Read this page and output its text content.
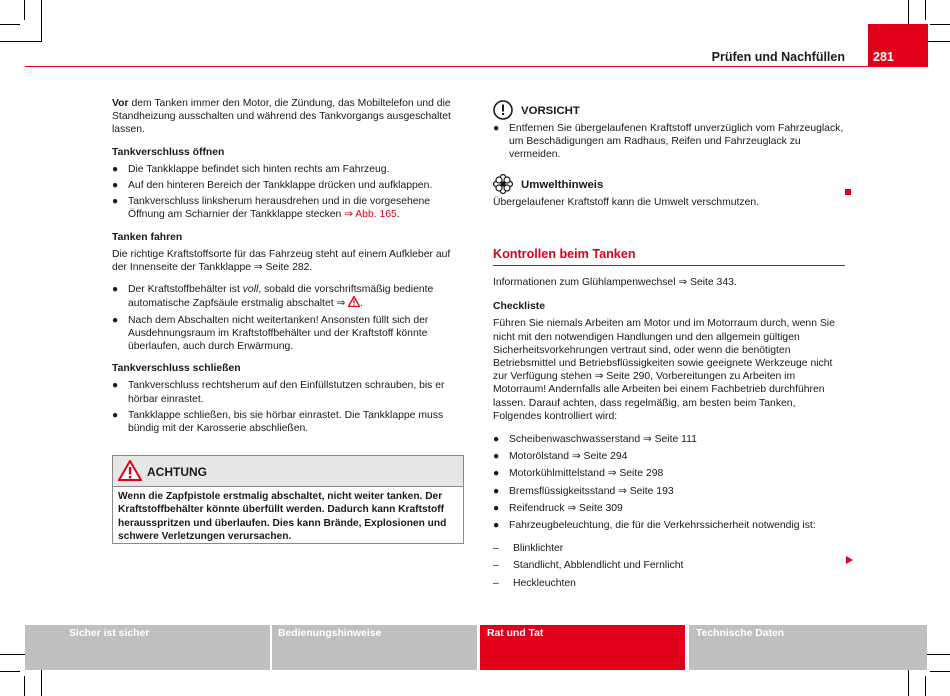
Prüfen und Nachfüllen 281

Vor dem Tanken immer den Motor, die Zündung, das Mobiltelefon und die Standheizung ausschalten und während des Tankvorgangs ausgeschaltet lassen.

Tankverschluss öffnen
● Die Tankklappe befindet sich hinten rechts am Fahrzeug.
● Auf den hinteren Bereich der Tankklappe drücken und aufklappen.
● Tankverschluss linksherum herausdrehen und in die vorgesehene Öffnung am Scharnier der Tankklappe stecken ⇒ Abb. 165.
Tanken fahren

Die richtige Kraftstoffsorte für das Fahrzeug steht auf einem Aufkleber auf der Innenseite der Tankklappe ⇒ Seite 282.

● Der Kraftstoffbehälter ist voll, sobald die vorschriftsmäßig bediente automatische Zapfsäule erstmalig abschaltet ⇒ .
● Nach dem Abschalten nicht weitertanken! Ansonsten füllt sich der Ausdehnungsraum im Kraftstoffbehälter und der Kraftstoff könnte überlaufen, auch durch Erwärmung.
Tankverschluss schließen
● Tankverschluss rechtsherum auf den Einfüllstutzen schrauben, bis er hörbar einrastet.
● Tankklappe schließen, bis sie hörbar einrastet. Die Tankklappe muss bündig mit der Karosserie abschließen.
ACHTUNG
Wenn die Zapfpistole erstmalig abschaltet, nicht weiter tanken. Der Kraftstoffbehälter könnte überfüllt werden. Dadurch kann Kraftstoff herausspritzen und überlaufen. Dies kann Brände, Explosionen und schwere Verletzungen verursachen.
VORSICHT
● Entfernen Sie übergelaufenen Kraftstoff unverzüglich vom Fahrzeuglack, um Beschädigungen am Radhaus, Reifen und Fahrzeuglack zu vermeiden.
Umwelthinweis

Übergelaufener Kraftstoff kann die Umwelt verschmutzen.

Kontrollen beim Tanken

Informationen zum Glühlampenwechsel ⇒ Seite 343.

Checkliste

Führen Sie niemals Arbeiten am Motor und im Motorraum durch, wenn Sie nicht mit den notwendigen Handlungen und den allgemein gültigen Sicherheitsvorkehrungen vertraut sind, oder wenn die benötigten Betriebsmittel und Betriebsflüssigkeiten sowie geeignete Werkzeuge nicht zur Verfügung stehen ⇒ Seite 290, Vorbereitungen zu Arbeiten im Motorraum! Andernfalls alle Arbeiten bei einem Fachbetrieb durchführen lassen. Darauf achten, dass regelmäßig, am besten beim Tanken, Folgendes kontrolliert wird:

● Scheibenwaschwasserstand ⇒ Seite 111
● Motorölstand ⇒ Seite 294
● Motorkühlmittelstand ⇒ Seite 298
● Bremsflüssigkeitsstand ⇒ Seite 193
● Reifendruck ⇒ Seite 309
● Fahrzeugbeleuchtung, die für die Verkehrssicherheit notwendig ist:
– Blinklichter
– Standlicht, Abblendlicht und Fernlicht
– Heckleuchten
Sicher ist sicher	Bedienungshinweise	Rat und Tat	Technische Daten
